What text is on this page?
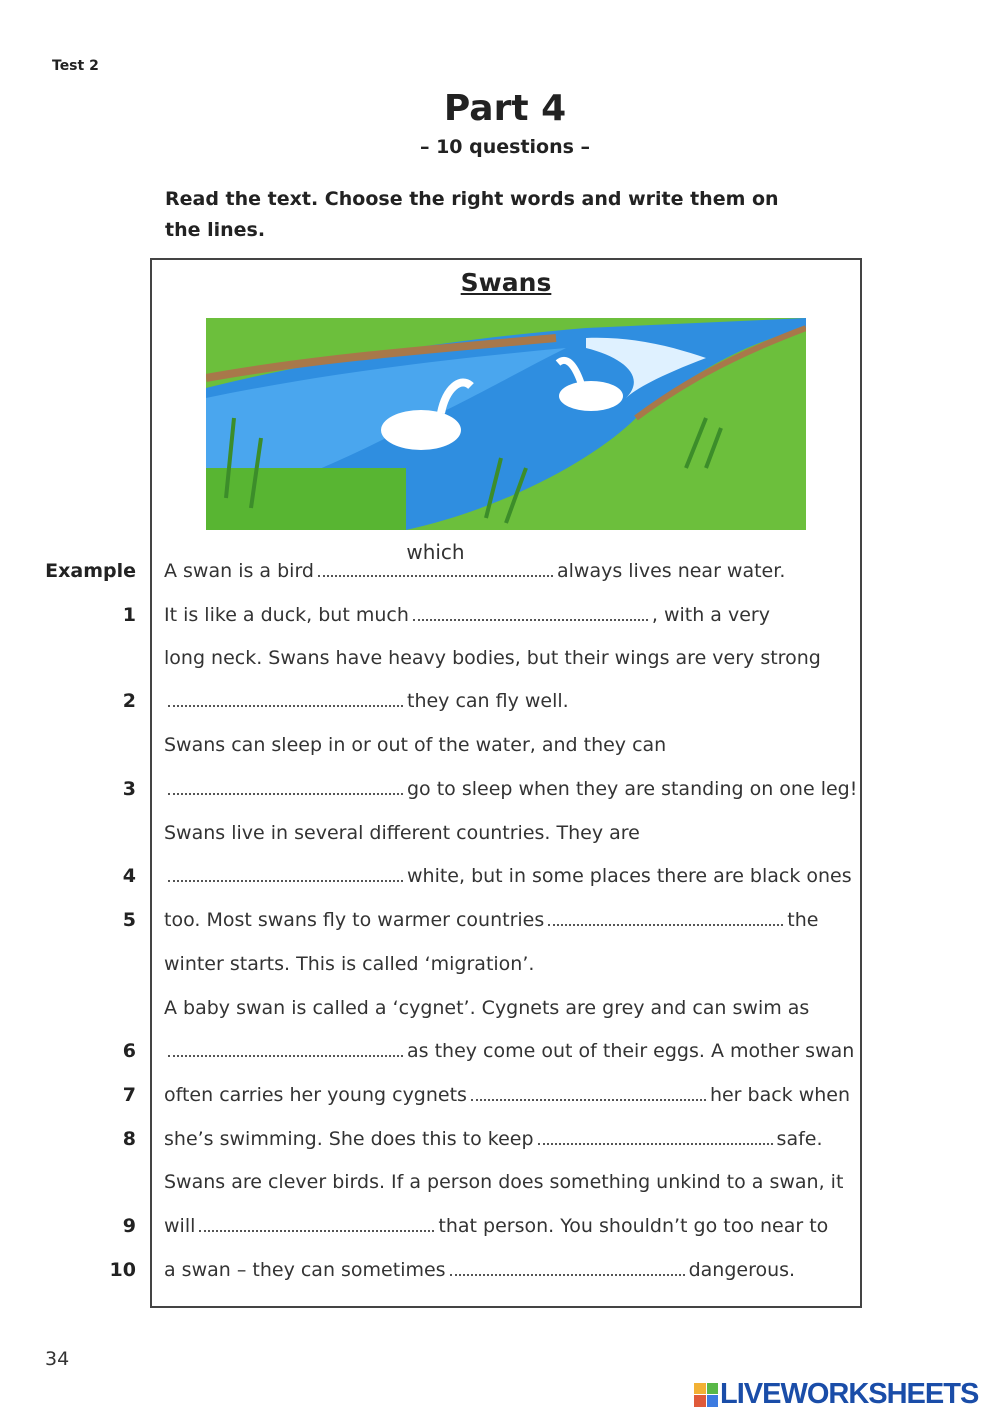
Test 2
Part 4
– 10 questions –
Read the text. Choose the right words and write them on the lines.
Swans
Example A swan is a bird
which
always lives near water.
1 It is like a duck, but much	, with a very
long neck. Swans have heavy bodies, but their wings are very strong
2	they can fly well.
Swans can sleep in or out of the water, and they can
3	go to sleep when they are standing on one leg!
Swans live in several different countries. They are
4	white, but in some places there are black ones
5 too. Most swans fly to warmer countries	the
winter starts. This is called ‘migration’.
A baby swan is called a ‘cygnet’. Cygnets are grey and can swim as
6	as they come out of their eggs. A mother swan
7 often carries her young cygnets	her back when
8 she’s swimming. She does this to keep	safe.
Swans are clever birds. If a person does something unkind to a swan, it
9 will	that person. You shouldn’t go too near to
10 a swan – they can sometimes	dangerous.
34
LIVEWORKSHEETS
